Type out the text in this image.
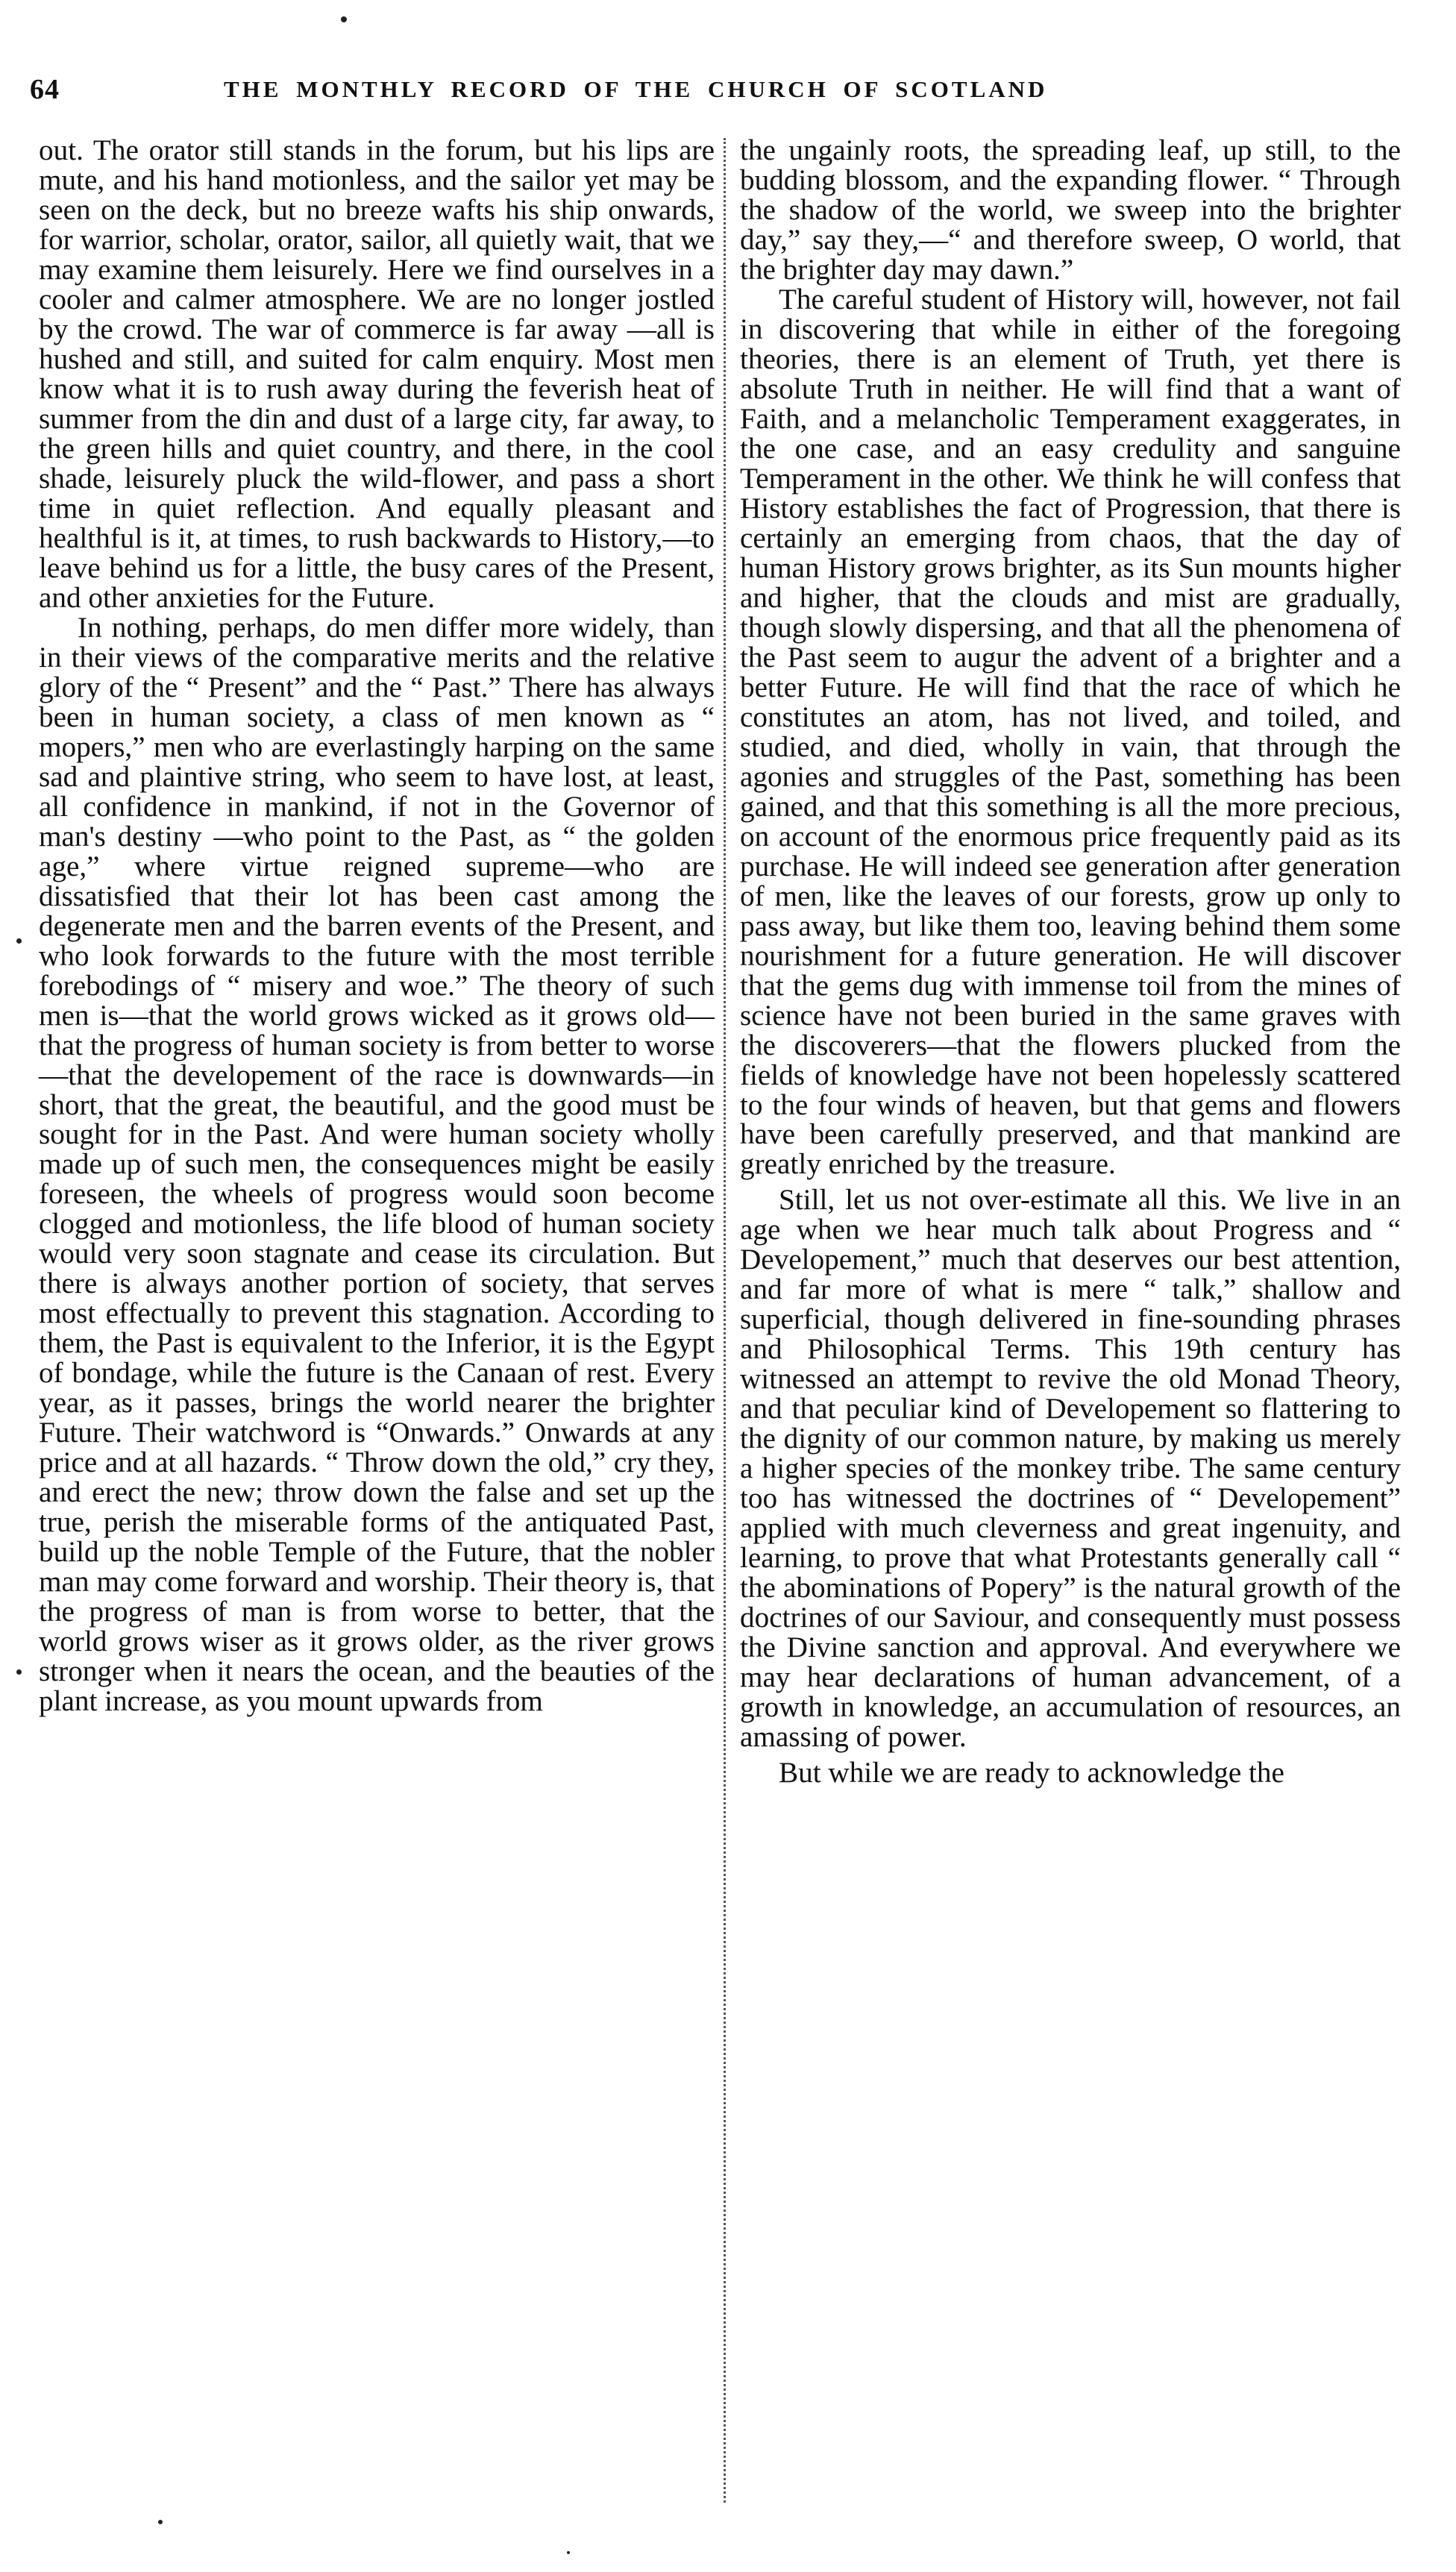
64	THE MONTHLY RECORD OF THE CHURCH OF SCOTLAND

out. The orator still stands in the forum, but his lips are mute, and his hand motionless, and the sailor yet may be seen on the deck, but no breeze wafts his ship onwards, for warrior, scholar, orator, sailor, all quietly wait, that we may examine them leisurely. Here we find ourselves in a cooler and calmer atmosphere. We are no longer jostled by the crowd. The war of commerce is far away —all is hushed and still, and suited for calm enquiry. Most men know what it is to rush away during the feverish heat of summer from the din and dust of a large city, far away, to the green hills and quiet country, and there, in the cool shade, leisurely pluck the wild-flower, and pass a short time in quiet reflection. And equally pleasant and healthful is it, at times, to rush backwards to History,—to leave behind us for a little, the busy cares of the Present, and other anxieties for the Future.

In nothing, perhaps, do men differ more widely, than in their views of the comparative merits and the relative glory of the “ Present” and the “ Past.” There has always been in human society, a class of men known as “ mopers,” men who are everlastingly harping on the same sad and plaintive string, who seem to have lost, at least, all confidence in mankind, if not in the Governor of man's destiny —who point to the Past, as “ the golden age,” where virtue reigned supreme—who are dissatisfied that their lot has been cast among the degenerate men and the barren events of the Present, and who look forwards to the future with the most terrible forebodings of “ misery and woe.” The theory of such men is—that the world grows wicked as it grows old—that the progress of human society is from better to worse—that the developement of the race is downwards—in short, that the great, the beautiful, and the good must be sought for in the Past. And were human society wholly made up of such men, the consequences might be easily foreseen, the wheels of progress would soon become clogged and motionless, the life blood of human society would very soon stagnate and cease its circulation. But there is always another portion of society, that serves most effectually to prevent this stagnation. According to them, the Past is equivalent to the Inferior, it is the Egypt of bondage, while the future is the Canaan of rest. Every year, as it passes, brings the world nearer the brighter Future. Their watchword is “Onwards.” Onwards at any price and at all hazards. “ Throw down the old,” cry they, and erect the new; throw down the false and set up the true, perish the miserable forms of the antiquated Past, build up the noble Temple of the Future, that the nobler man may come forward and worship. Their theory is, that the progress of man is from worse to better, that the world grows wiser as it grows older, as the river grows stronger when it nears the ocean, and the beauties of the plant increase, as you mount upwards from

the ungainly roots, the spreading leaf, up still, to the budding blossom, and the expanding flower. “ Through the shadow of the world, we sweep into the brighter day,” say they,—“ and therefore sweep, O world, that the brighter day may dawn.”

The careful student of History will, however, not fail in discovering that while in either of the foregoing theories, there is an element of Truth, yet there is absolute Truth in neither. He will find that a want of Faith, and a melancholic Temperament exaggerates, in the one case, and an easy credulity and sanguine Temperament in the other. We think he will confess that History establishes the fact of Progression, that there is certainly an emerging from chaos, that the day of human History grows brighter, as its Sun mounts higher and higher, that the clouds and mist are gradually, though slowly dispersing, and that all the phenomena of the Past seem to augur the advent of a brighter and a better Future. He will find that the race of which he constitutes an atom, has not lived, and toiled, and studied, and died, wholly in vain, that through the agonies and struggles of the Past, something has been gained, and that this something is all the more precious, on account of the enormous price frequently paid as its purchase. He will indeed see generation after generation of men, like the leaves of our forests, grow up only to pass away, but like them too, leaving behind them some nourishment for a future generation. He will discover that the gems dug with immense toil from the mines of science have not been buried in the same graves with the discoverers—that the flowers plucked from the fields of knowledge have not been hopelessly scattered to the four winds of heaven, but that gems and flowers have been carefully preserved, and that mankind are greatly enriched by the treasure.

Still, let us not over-estimate all this. We live in an age when we hear much talk about Progress and “ Developement,” much that deserves our best attention, and far more of what is mere “ talk,” shallow and superficial, though delivered in fine-sounding phrases and Philosophical Terms. This 19th century has witnessed an attempt to revive the old Monad Theory, and that peculiar kind of Developement so flattering to the dignity of our common nature, by making us merely a higher species of the monkey tribe. The same century too has witnessed the doctrines of “ Developement” applied with much cleverness and great ingenuity, and learning, to prove that what Protestants generally call “ the abominations of Popery” is the natural growth of the doctrines of our Saviour, and consequently must possess the Divine sanction and approval. And everywhere we may hear declarations of human advancement, of a growth in knowledge, an accumulation of resources, an amassing of power.

But while we are ready to acknowledge the
